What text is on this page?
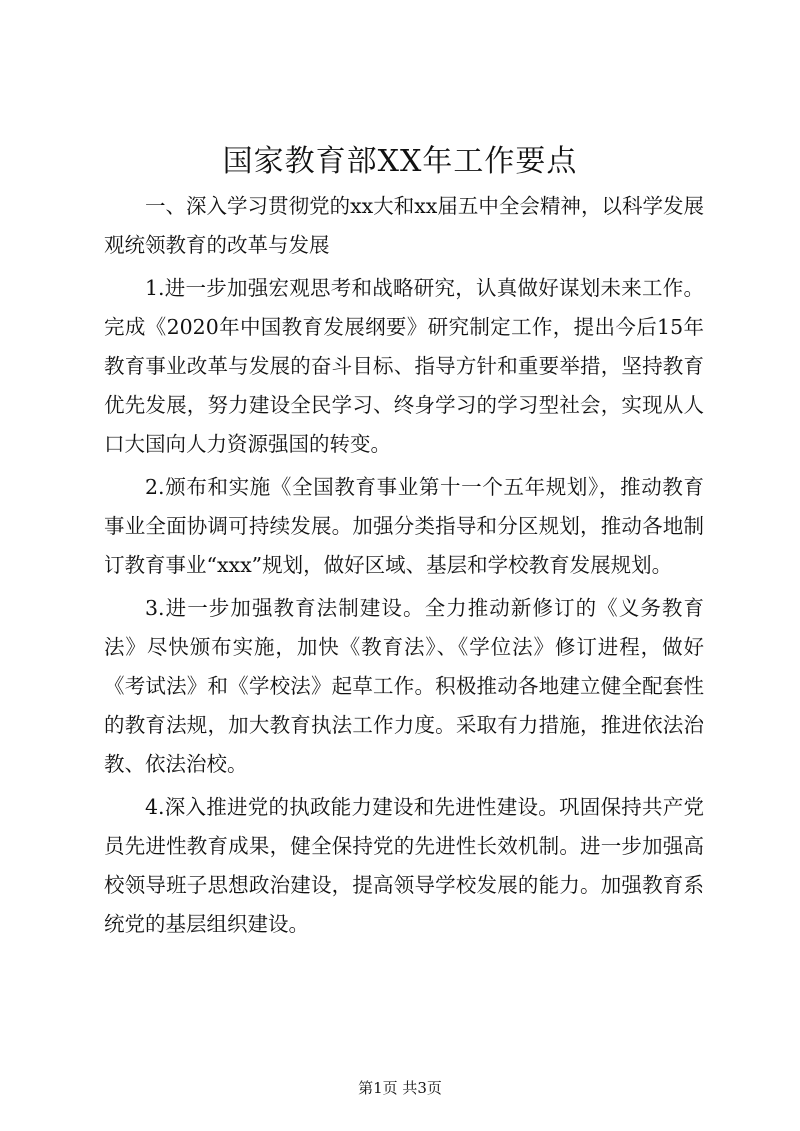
国家教育部XX年工作要点

一、深入学习贯彻党的xx大和xx届五中全会精神，以科学发展观统领教育的改革与发展

1.进一步加强宏观思考和战略研究，认真做好谋划未来工作。完成《2020年中国教育发展纲要》研究制定工作，提出今后15年教育事业改革与发展的奋斗目标、指导方针和重要举措，坚持教育优先发展，努力建设全民学习、终身学习的学习型社会，实现从人口大国向人力资源强国的转变。

2.颁布和实施《全国教育事业第十一个五年规划》，推动教育事业全面协调可持续发展。加强分类指导和分区规划，推动各地制订教育事业“xxx”规划，做好区域、基层和学校教育发展规划。

3.进一步加强教育法制建设。全力推动新修订的《义务教育法》尽快颁布实施，加快《教育法》、《学位法》修订进程，做好《考试法》和《学校法》起草工作。积极推动各地建立健全配套性的教育法规，加大教育执法工作力度。采取有力措施，推进依法治教、依法治校。

4.深入推进党的执政能力建设和先进性建设。巩固保持共产党员先进性教育成果，健全保持党的先进性长效机制。进一步加强高校领导班子思想政治建设，提高领导学校发展的能力。加强教育系统党的基层组织建设。

第1页 共3页
